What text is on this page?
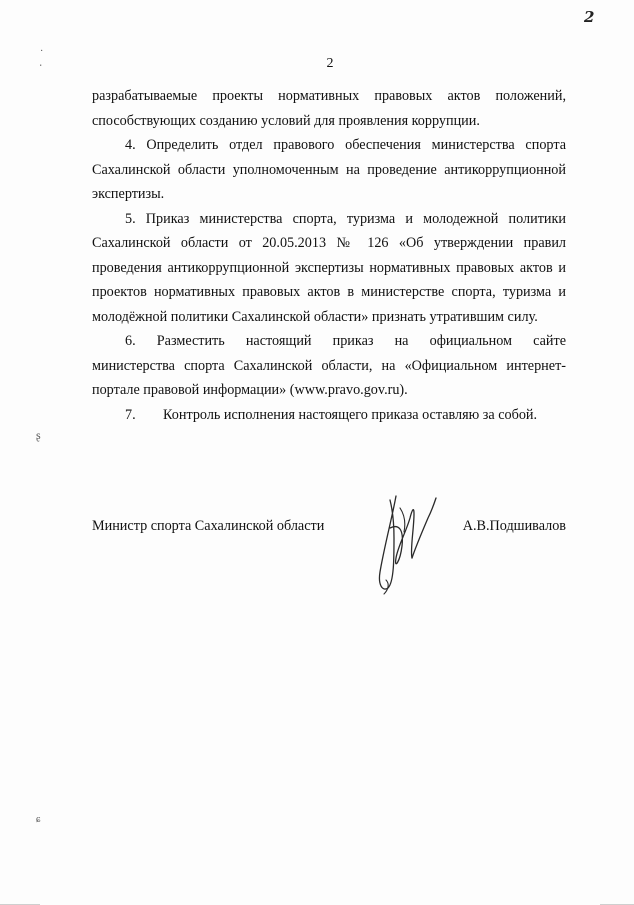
2
2
·
٠
ʂ
ɕ

разрабатываемые проекты нормативных правовых актов положений,

способствующих созданию условий для проявления коррупции.

4. Определить отдел правового обеспечения министерства спорта Сахалинской области уполномоченным на проведение антикоррупционной экспертизы.

5. Приказ министерства спорта, туризма и молодежной политики Сахалинской области от 20.05.2013 № 126 «Об утверждении правил проведения антикоррупционной экспертизы нормативных правовых актов и проектов нормативных правовых актов в министерстве спорта, туризма и молодёжной политики Сахалинской области» признать утратившим силу.

6. Разместить настоящий приказ на официальном сайте

министерства спорта Сахалинской области, на «Официальном интернет-портале правовой информации» (www.pravo.gov.ru).

7.	Контроль исполнения настоящего приказа оставляю за собой.
Министр спорта Сахалинской области	А.В.Подшивалов
